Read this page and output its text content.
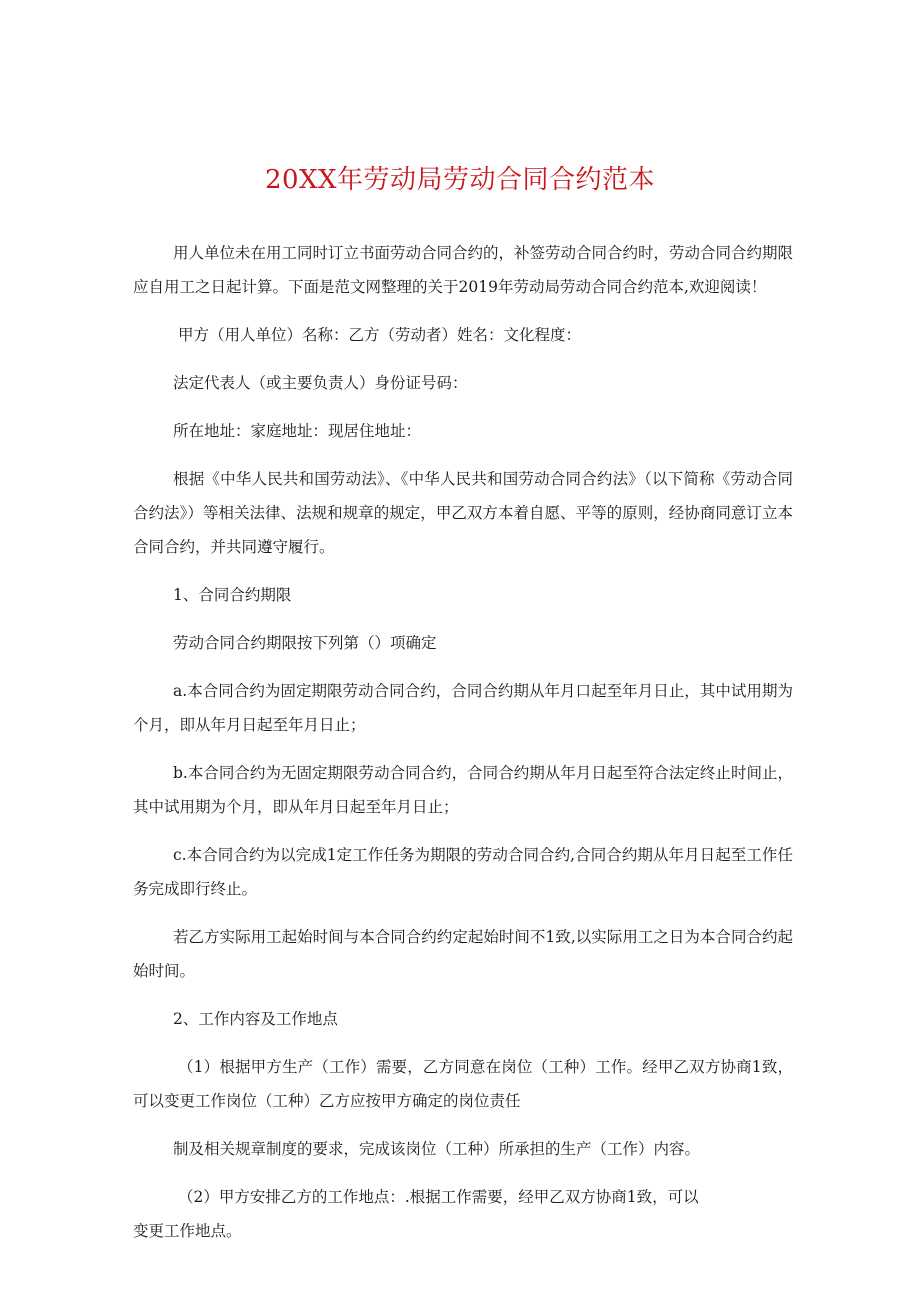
20XX年劳动局劳动合同合约范本

用人单位未在用工同时订立书面劳动合同合约的，补签劳动合同合约时，劳动合同合约期限应自用工之日起计算。下面是范文网整理的关于2019年劳动局劳动合同合约范本,欢迎阅读！

甲方（用人单位）名称：乙方（劳动者）姓名：文化程度：

法定代表人（或主要负责人）身份证号码：

所在地址：家庭地址：现居住地址：

根据《中华人民共和国劳动法》、《中华人民共和国劳动合同合约法》（以下简称《劳动合同合约法》）等相关法律、法规和规章的规定，甲乙双方本着自愿、平等的原则，经协商同意订立本合同合约，并共同遵守履行。

1、合同合约期限

劳动合同合约期限按下列第（）项确定

a.本合同合约为固定期限劳动合同合约，合同合约期从年月口起至年月日止，其中试用期为个月，即从年月日起至年月日止；

b.本合同合约为无固定期限劳动合同合约，合同合约期从年月日起至符合法定终止时间止，其中试用期为个月，即从年月日起至年月日止；

c.本合同合约为以完成1定工作任务为期限的劳动合同合约,合同合约期从年月日起至工作任务完成即行终止。

若乙方实际用工起始时间与本合同合约约定起始时间不1致,以实际用工之日为本合同合约起始时间。

2、工作内容及工作地点

（1）根据甲方生产（工作）需要，乙方同意在岗位（工种）工作。经甲乙双方协商1致，可以变更工作岗位（工种）乙方应按甲方确定的岗位责任

制及相关规章制度的要求，完成该岗位（工种）所承担的生产（工作）内容。

（2）甲方安排乙方的工作地点：.根据工作需要，经甲乙双方协商1致，可以

变更工作地点。
